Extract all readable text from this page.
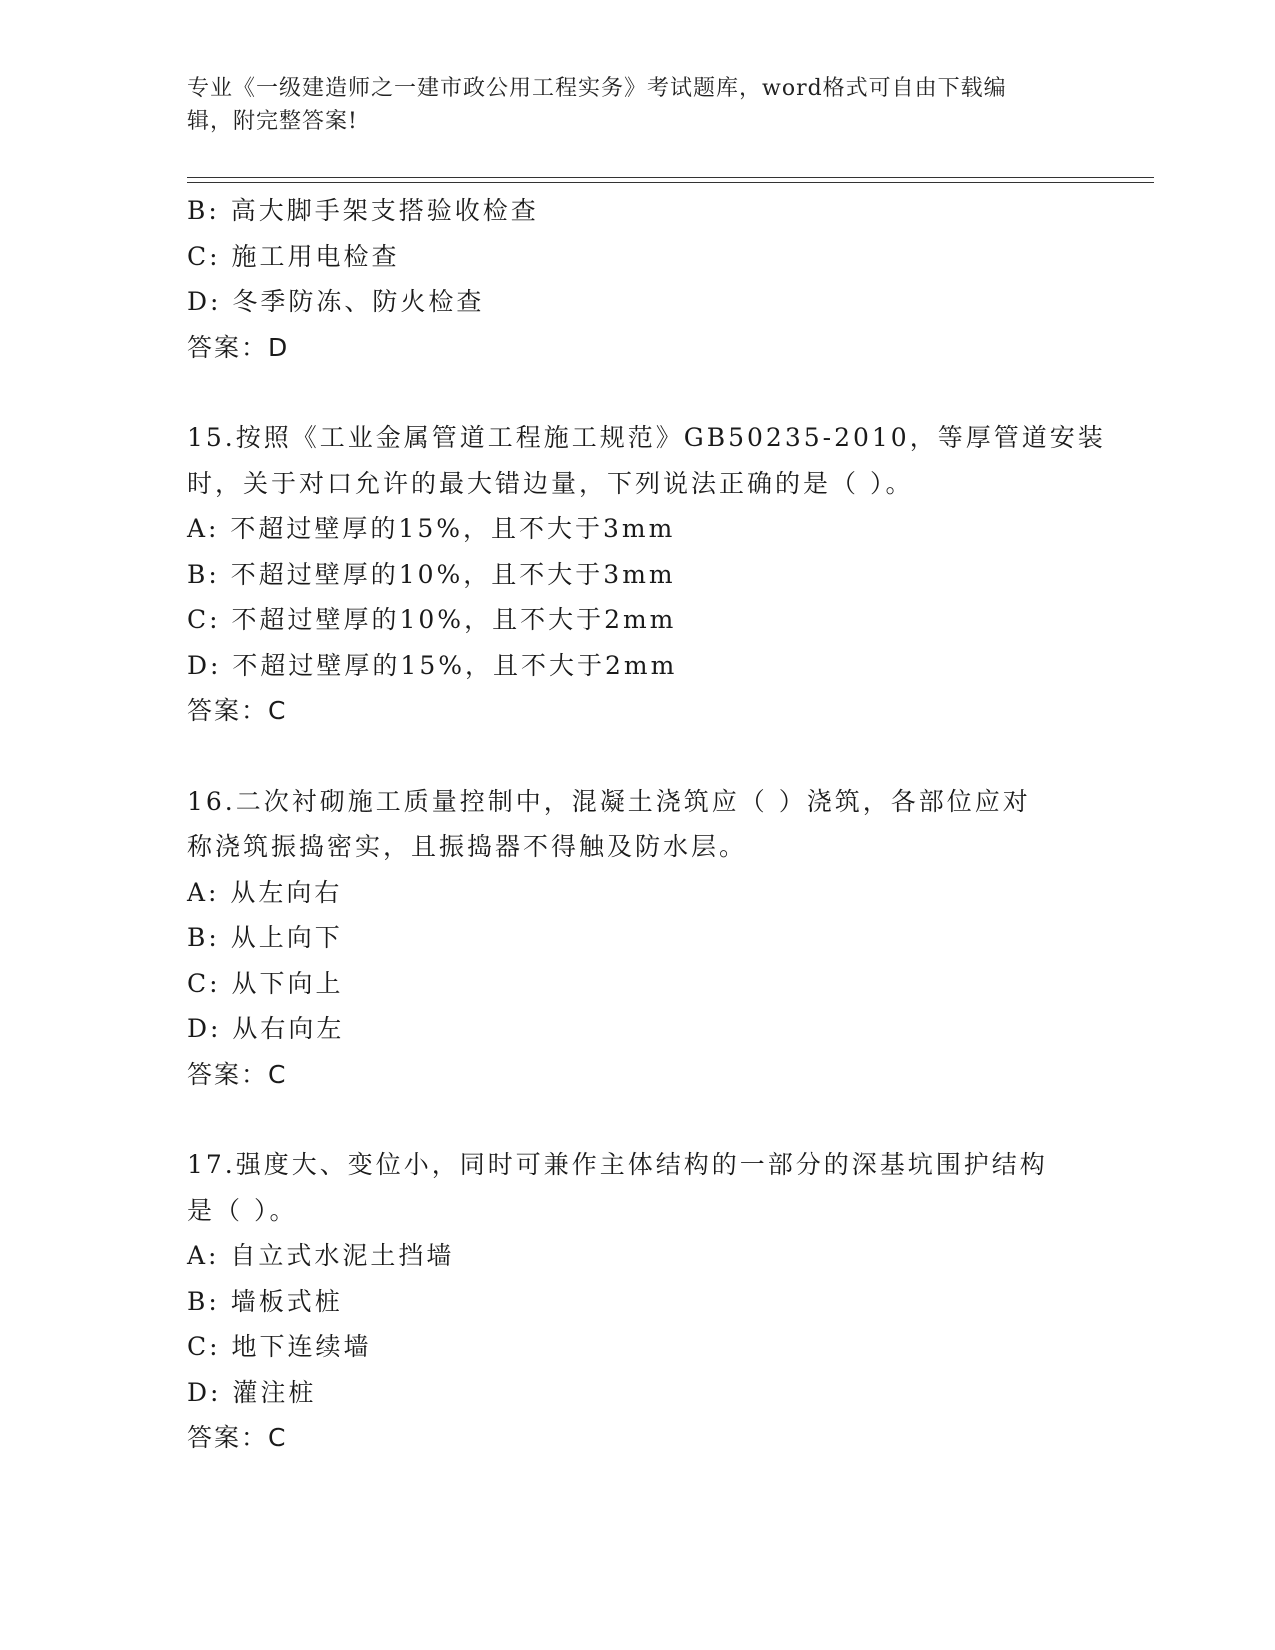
专业《一级建造师之一建市政公用工程实务》考试题库，word格式可自由下载编
辑，附完整答案!
B: 高大脚手架支搭验收检查
C: 施工用电检查
D: 冬季防冻、防火检查
答案：D
15.按照《工业金属管道工程施工规范》GB50235-2010，等厚管道安装
时，关于对口允许的最大错边量，下列说法正确的是（ ）。
A: 不超过壁厚的15%，且不大于3mm
B: 不超过壁厚的10%，且不大于3mm
C: 不超过壁厚的10%，且不大于2mm
D: 不超过壁厚的15%，且不大于2mm
答案：C
16.二次衬砌施工质量控制中，混凝土浇筑应（ ）浇筑，各部位应对
称浇筑振捣密实，且振捣器不得触及防水层。
A: 从左向右
B: 从上向下
C: 从下向上
D: 从右向左
答案：C
17.强度大、变位小，同时可兼作主体结构的一部分的深基坑围护结构
是（ ）。
A: 自立式水泥土挡墙
B: 墙板式桩
C: 地下连续墙
D: 灌注桩
答案：C
